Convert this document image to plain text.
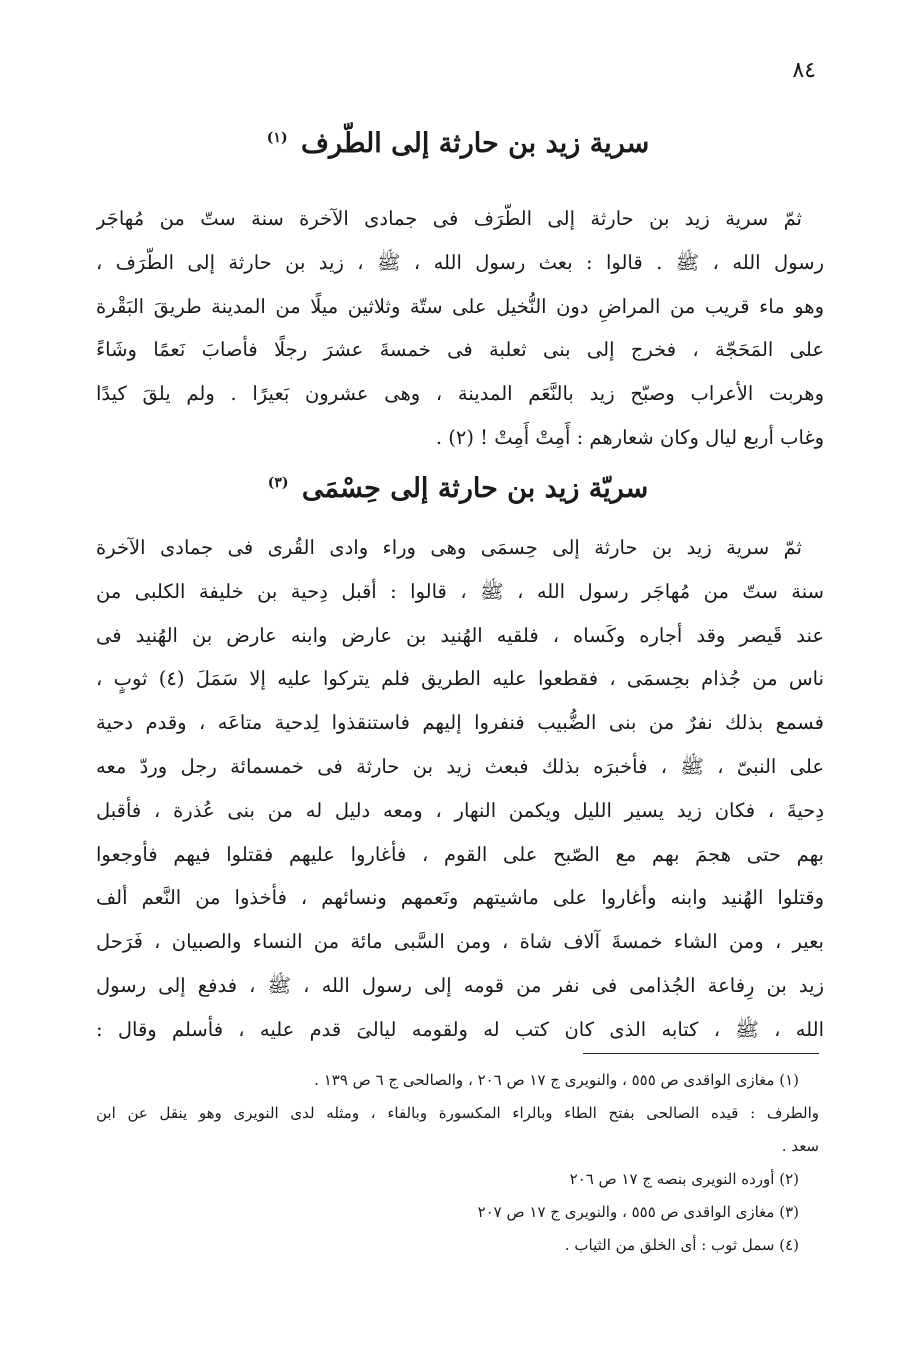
٨٤
سرية زيد بن حارثة إلى الطّرف $^{(١)}$
ثمّ سرية زيد بن حارثة إلى الطّرَف فى جمادى الآخرة سنة ستّ من مُهاجَر
رسول الله ، ﷺ . قالوا : بعث رسول الله ، ﷺ ، زيد بن حارثة إلى الطّرَف ،
وهو ماء قريب من المراضِ دون النُّخيل على ستّة وثلاثين ميلًا من المدينة طريقَ البَقْرة
على المَحَجّة ، فخرج إلى بنى ثعلبة فى خمسةَ عشرَ رجلًا فأصابَ نَعمًا وشَاءً
وهربت الأعراب وصبّح زيد بالنَّعَم المدينة ، وهى عشرون بَعيرًا . ولم يلقَ كيدًا
وغاب أربع ليال وكان شعارهم : أَمِتْ أَمِتْ ! (٢) .
سريّة زيد بن حارثة إلى حِسْمَى $^{(٣)}$
ثمّ سرية زيد بن حارثة إلى حِسمَى وهى وراء وادى القُرى فى جمادى الآخرة
سنة ستّ من مُهاجَر رسول الله ، ﷺ ، قالوا : أقبل دِحية بن خليفة الكلبى من
عند قَيصر وقد أجاره وكَساه ، فلقيه الهُنيد بن عارض وابنه عارض بن الهُنيد فى
ناس من جُذام بحِسمَى ، فقطعوا عليه الطريق فلم يتركوا عليه إلا سَمَلَ (٤) ثوبٍ ،
فسمع بذلك نفرٌ من بنى الضُّبيب فنفروا إليهم فاستنقذوا لِدحية متاعَه ، وقدم دحية
على النبىّ ، ﷺ ، فأخبرَه بذلك فبعث زيد بن حارثة فى خمسمائة رجل وردّ معه
دِحيةَ ، فكان زيد يسير الليل ويكمن النهار ، ومعه دليل له من بنى عُذرة ، فأقبل
بهم حتى هجمَ بهم مع الصّبح على القوم ، فأغاروا عليهم فقتلوا فيهم فأوجعوا
وقتلوا الهُنيد وابنه وأغاروا على ماشيتهم ونَعمهم ونسائهم ، فأخذوا من النَّعم ألف
بعير ، ومن الشاء خمسةَ آلاف شاة ، ومن السَّبى مائة من النساء والصبيان ، فَرَحل
زيد بن رِفاعة الجُذامى فى نفر من قومه إلى رسول الله ، ﷺ ، فدفع إلى رسول
الله ، ﷺ ، كتابه الذى كان كتب له ولقومه ليالىَ قدم عليه ، فأسلم وقال :
(١) مغازى الواقدى ص ٥٥٥ ، والنويرى ج ١٧ ص ٢٠٦ ، والصالحى ج ٦ ص ١٣٩ .
والطرف : قيده الصالحى بفتح الطاء وبالراء المكسورة وبالفاء ، ومثله لدى النويرى وهو ينقل عن ابن
سعد .
(٢) أورده النويرى بنصه ج ١٧ ص ٢٠٦
(٣) مغازى الواقدى ص ٥٥٥ ، والنويرى ج ١٧ ص ٢٠٧
(٤) سمل ثوب : أى الخلق من الثياب .
